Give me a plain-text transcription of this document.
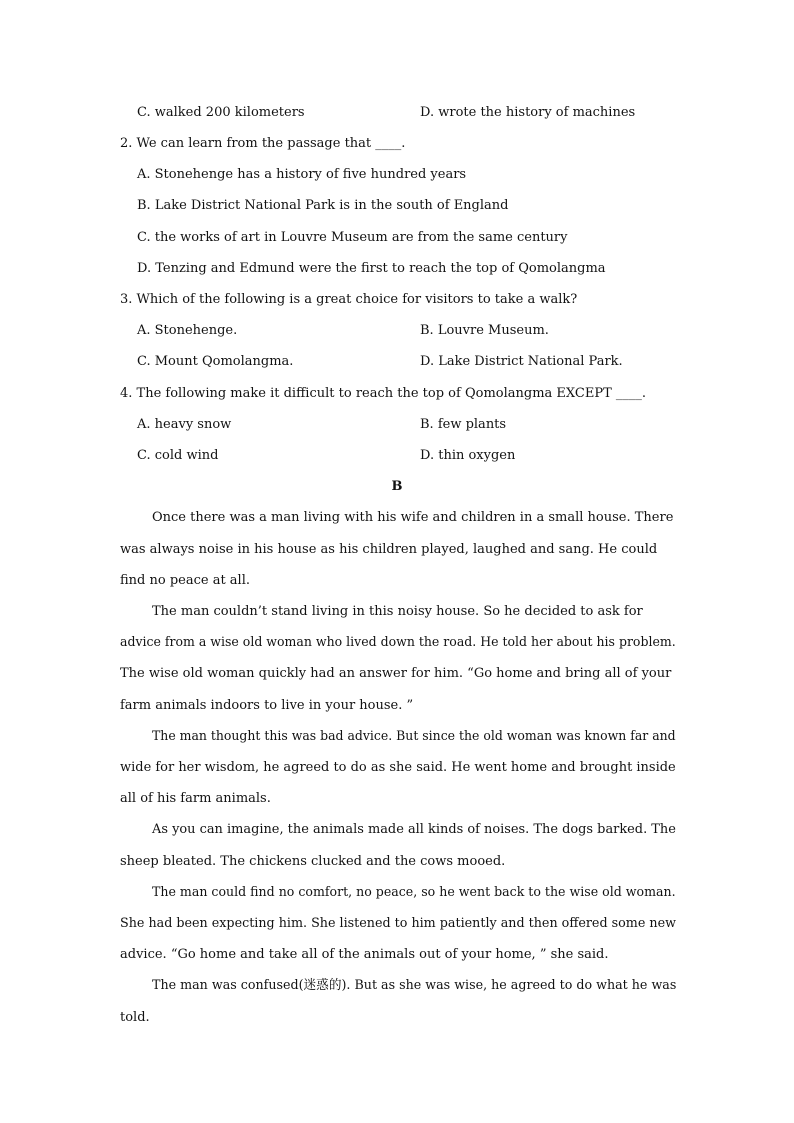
C. walked 200 kilometers	D. wrote the history of machines
2. We can learn from the passage that ____.
A. Stonehenge has a history of five hundred years
B. Lake District National Park is in the south of England
C. the works of art in Louvre Museum are from the same century
D. Tenzing and Edmund were the first to reach the top of Qomolangma
3. Which of the following is a great choice for visitors to take a walk?
A. Stonehenge.	B. Louvre Museum.
C. Mount Qomolangma.	D. Lake District National Park.
4. The following make it difficult to reach the top of Qomolangma EXCEPT ____.
A. heavy snow	B. few plants
C. cold wind	D. thin oxygen
B
Once there was a man living with his wife and children in a small house. There
was always noise in his house as his children played, laughed and sang. He could
find no peace at all.
The man couldn’t stand living in this noisy house. So he decided to ask for
advice from a wise old woman who lived down the road. He told her about his problem.
The wise old woman quickly had an answer for him. “Go home and bring all of your
farm animals indoors to live in your house. ”
The man thought this was bad advice. But since the old woman was known far and
wide for her wisdom, he agreed to do as she said. He went home and brought inside
all of his farm animals.
As you can imagine, the animals made all kinds of noises. The dogs barked. The
sheep bleated. The chickens clucked and the cows mooed.
The man could find no comfort, no peace, so he went back to the wise old woman.
She had been expecting him. She listened to him patiently and then offered some new
advice. “Go home and take all of the animals out of your home, ” she said.
The man was confused(迷惑的). But as she was wise, he agreed to do what he was
told.
